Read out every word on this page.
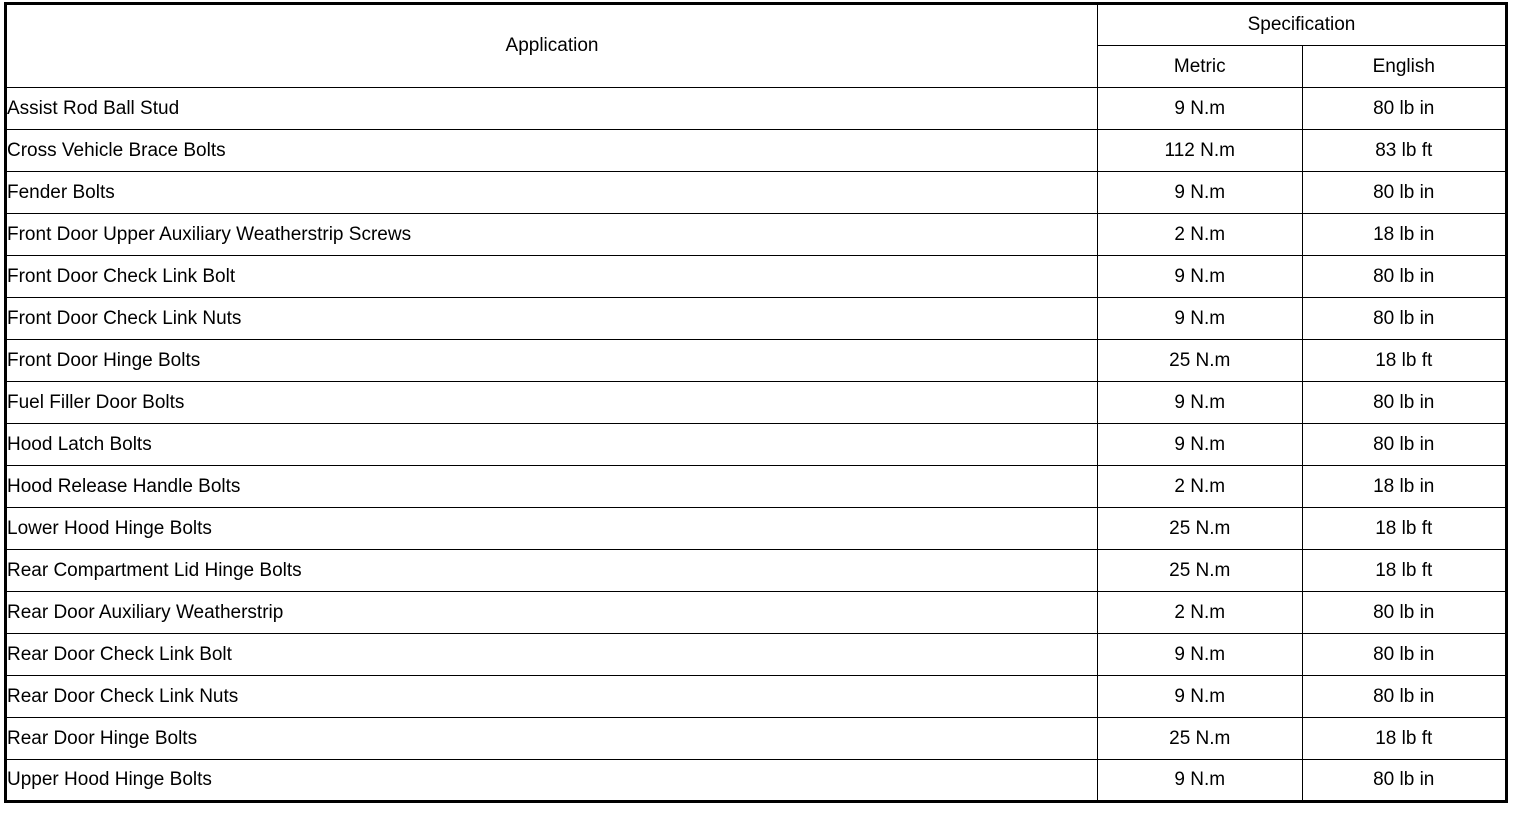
Application	Specification	
	Metric	English
Assist Rod Ball Stud	9 N.m	80 lb in
Cross Vehicle Brace Bolts	112 N.m	83 lb ft
Fender Bolts	9 N.m	80 lb in
Front Door Upper Auxiliary Weatherstrip Screws	2 N.m	18 lb in
Front Door Check Link Bolt	9 N.m	80 lb in
Front Door Check Link Nuts	9 N.m	80 lb in
Front Door Hinge Bolts	25 N.m	18 lb ft
Fuel Filler Door Bolts	9 N.m	80 lb in
Hood Latch Bolts	9 N.m	80 lb in
Hood Release Handle Bolts	2 N.m	18 lb in
Lower Hood Hinge Bolts	25 N.m	18 lb ft
Rear Compartment Lid Hinge Bolts	25 N.m	18 lb ft
Rear Door Auxiliary Weatherstrip	2 N.m	80 lb in
Rear Door Check Link Bolt	9 N.m	80 lb in
Rear Door Check Link Nuts	9 N.m	80 lb in
Rear Door Hinge Bolts	25 N.m	18 lb ft
Upper Hood Hinge Bolts	9 N.m	80 lb in
